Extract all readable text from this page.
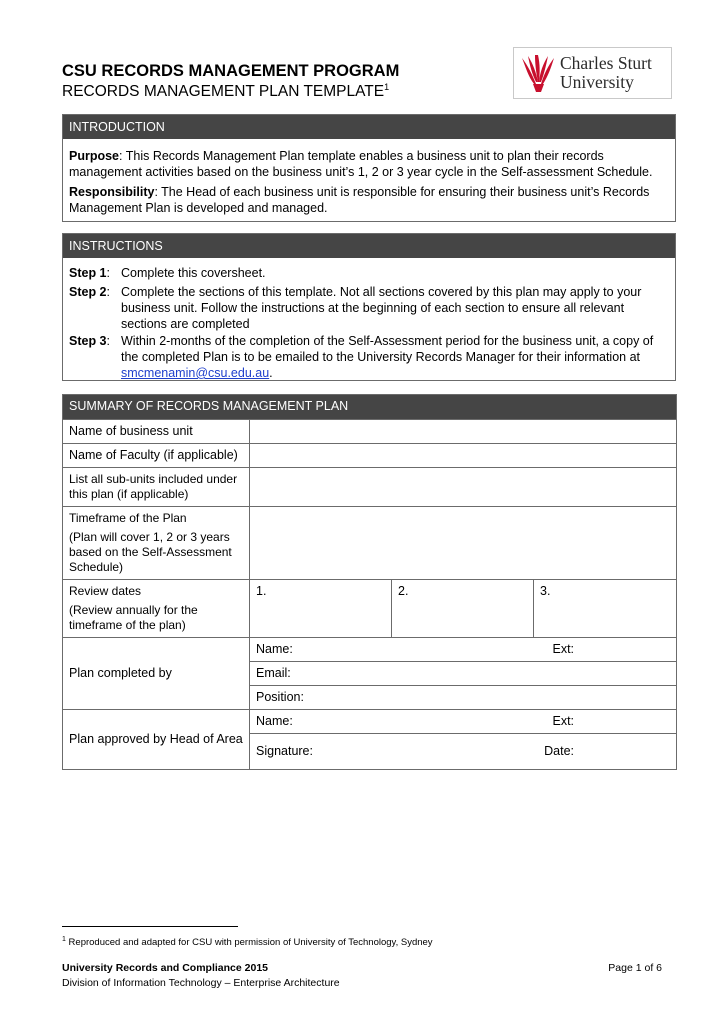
CSU RECORDS MANAGEMENT PROGRAM
RECORDS MANAGEMENT PLAN TEMPLATE$^1$
Charles Sturt
University
INTRODUCTION

Purpose: This Records Management Plan template enables a business unit to plan their records management activities based on the business unit’s 1, 2 or 3 year cycle in the Self-assessment Schedule.

Responsibility: The Head of each business unit is responsible for ensuring their business unit’s Records Management Plan is developed and managed.

INSTRUCTIONS
Step 1: Complete this coversheet.
Step 2: Complete the sections of this template. Not all sections covered by this plan may apply to your business unit. Follow the instructions at the beginning of each section to ensure all relevant sections are completed
Step 3: Within 2-months of the completion of the Self-Assessment period for the business unit, a copy of the completed Plan is to be emailed to the University Records Manager for their information at smcmenamin@csu.edu.au.
SUMMARY OF RECORDS MANAGEMENT PLAN			
Name of business unit			
Name of Faculty (if applicable)			
List all sub-units included under this plan (if applicable)			
Timeframe of the Plan
(Plan will cover 1, 2 or 3 years based on the Self-Assessment Schedule)			
Review dates
(Review annually for the timeframe of the plan)	1.	2.	3.
Plan completed by	Name: Ext:		

	Email:		
	Position:		
Plan approved by Head of Area	Name: Ext:		

	Signature: Date:		
$^1$ Reproduced and adapted for CSU with permission of University of Technology, Sydney
University Records and Compliance 2015
Division of Information Technology – Enterprise Architecture
Page 1 of 6
